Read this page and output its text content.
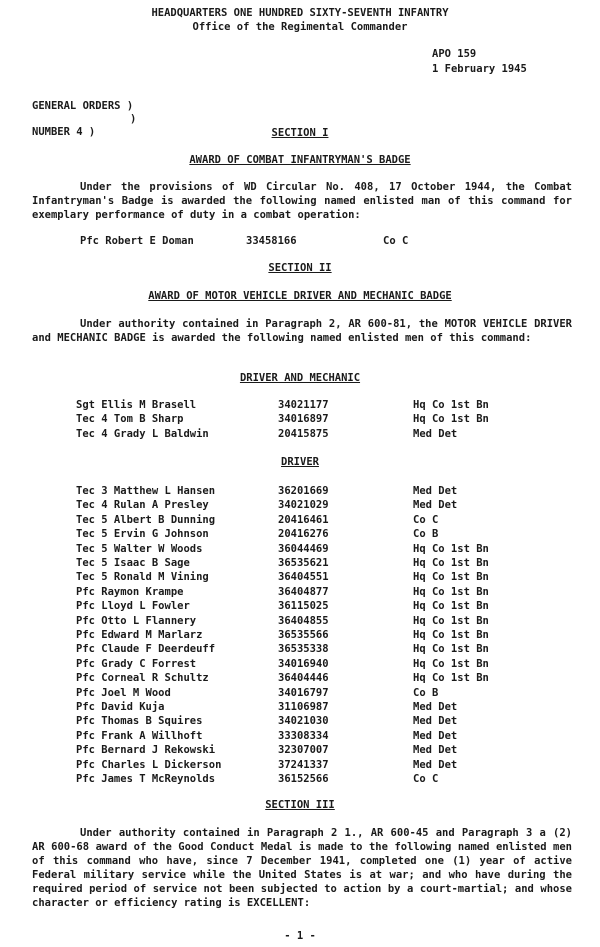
HEADQUARTERS ONE HUNDRED SIXTY-SEVENTH INFANTRY
Office of the Regimental Commander
APO 159
1 February 1945
GENERAL ORDERS )
)
NUMBER 4 )	SECTION I
AWARD OF COMBAT INFANTRYMAN'S BADGE
Under the provisions of WD Circular No. 408, 17 October 1944, the Combat Infantryman's Badge is awarded the following named enlisted man of this command for exemplary performance of duty in a combat operation:
Pfc Robert E Doman	33458166	Co C
SECTION II
AWARD OF MOTOR VEHICLE DRIVER AND MECHANIC BADGE
Under authority contained in Paragraph 2, AR 600-81, the MOTOR VEHICLE DRIVER and MECHANIC BADGE is awarded the following named enlisted men of this command:
DRIVER AND MECHANIC
Sgt Ellis M Brasell	34021177	Hq Co 1st Bn
Tec 4 Tom B Sharp	34016897	Hq Co 1st Bn
Tec 4 Grady L Baldwin	20415875	Med Det
DRIVER
Tec 3 Matthew L Hansen	36201669	Med Det
Tec 4 Rulan A Presley	34021029	Med Det
Tec 5 Albert B Dunning	20416461	Co C
Tec 5 Ervin G Johnson	20416276	Co B
Tec 5 Walter W Woods	36044469	Hq Co 1st Bn
Tec 5 Isaac B Sage	36535621	Hq Co 1st Bn
Tec 5 Ronald M Vining	36404551	Hq Co 1st Bn
Pfc Raymon Krampe	36404877	Hq Co 1st Bn
Pfc Lloyd L Fowler	36115025	Hq Co 1st Bn
Pfc Otto L Flannery	36404855	Hq Co 1st Bn
Pfc Edward M Marlarz	36535566	Hq Co 1st Bn
Pfc Claude F Deerdeuff	36535338	Hq Co 1st Bn
Pfc Grady C Forrest	34016940	Hq Co 1st Bn
Pfc Corneal R Schultz	36404446	Hq Co 1st Bn
Pfc Joel M Wood	34016797	Co B
Pfc David Kuja	31106987	Med Det
Pfc Thomas B Squires	34021030	Med Det
Pfc Frank A Willhoft	33308334	Med Det
Pfc Bernard J Rekowski	32307007	Med Det
Pfc Charles L Dickerson	37241337	Med Det
Pfc James T McReynolds	36152566	Co C
SECTION III
Under authority contained in Paragraph 2 1., AR 600-45 and Paragraph 3 a (2) AR 600-68 award of the Good Conduct Medal is made to the following named enlisted men of this command who have, since 7 December 1941, completed one (1) year of active Federal military service while the United States is at war; and who have during the required period of service not been subjected to action by a court-martial; and whose character or efficiency rating is EXCELLENT:
- 1 -
